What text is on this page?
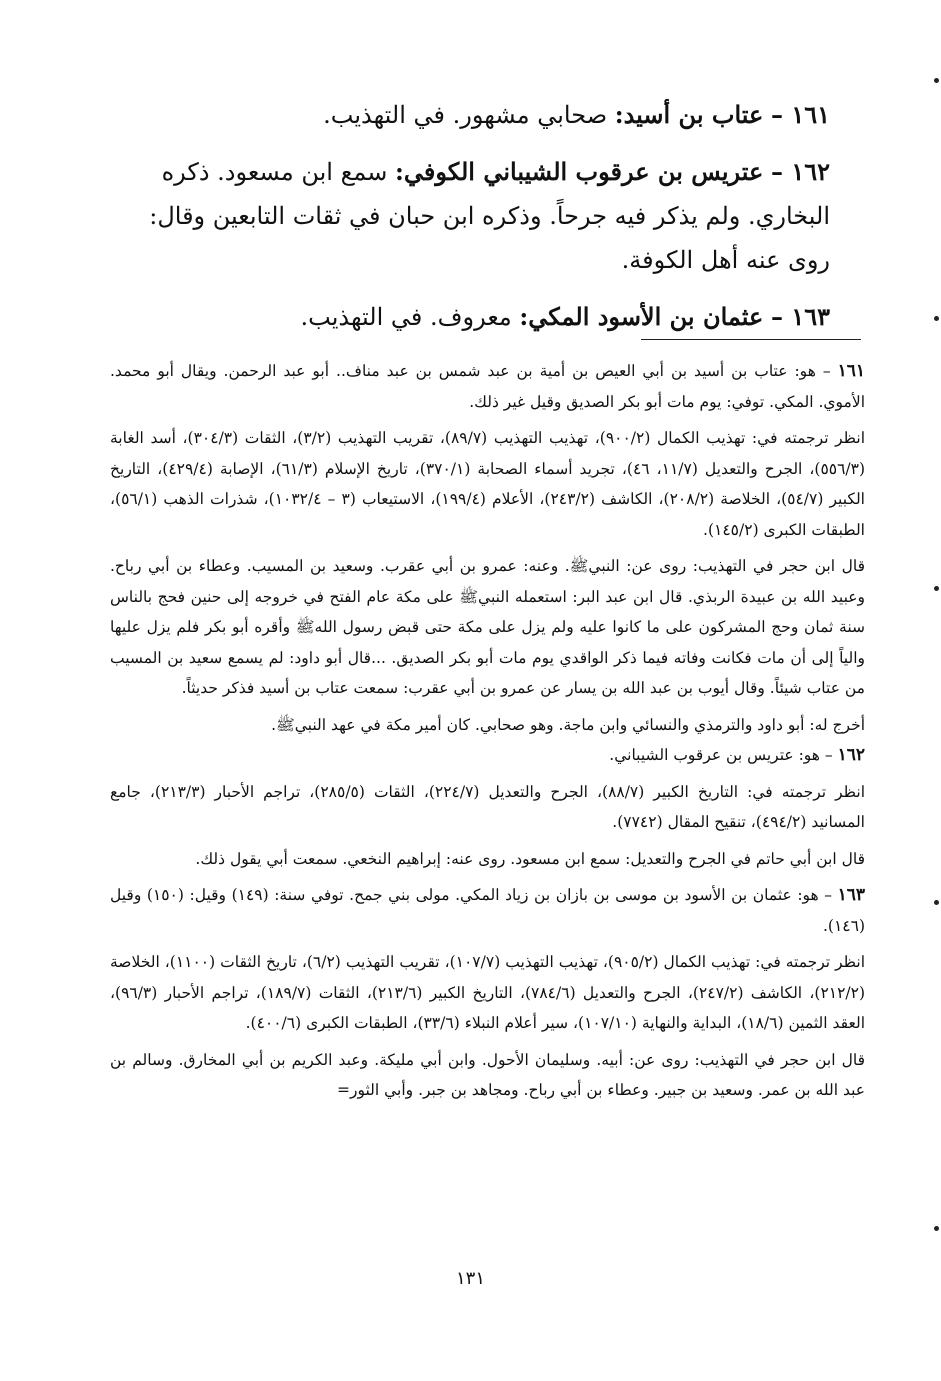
١٦١ – عتاب بن أسيد: صحابي مشهور. في التهذيب.

١٦٢ – عتريس بن عرقوب الشيباني الكوفي: سمع ابن مسعود. ذكره البخاري. ولم يذكر فيه جرحاً. وذكره ابن حبان في ثقات التابعين وقال: روى عنه أهل الكوفة.

١٦٣ – عثمان بن الأسود المكي: معروف. في التهذيب.

١٦١ – هو: عتاب بن أسيد بن أبي العيص بن أمية بن عبد شمس بن عبد مناف.. أبو عبد الرحمن. ويقال أبو محمد. الأموي. المكي. توفي: يوم مات أبو بكر الصديق وقيل غير ذلك.

انظر ترجمته في: تهذيب الكمال (٩٠٠/٢)، تهذيب التهذيب (٨٩/٧)، تقريب التهذيب (٣/٢)، الثقات (٣٠٤/٣)، أسد الغابة (٥٥٦/٣)، الجرح والتعديل (١١/٧، ٤٦)، تجريد أسماء الصحابة (٣٧٠/١)، تاريخ الإسلام (٦١/٣)، الإصابة (٤٢٩/٤)، التاريخ الكبير (٥٤/٧)، الخلاصة (٢٠٨/٢)، الكاشف (٢٤٣/٢)، الأعلام (١٩٩/٤)، الاستيعاب (٣ – ١٠٣٢/٤)، شذرات الذهب (٥٦/١)، الطبقات الكبرى (١٤٥/٢).

قال ابن حجر في التهذيب: روى عن: النبيﷺ. وعنه: عمرو بن أبي عقرب. وسعيد بن المسيب. وعطاء بن أبي رباح. وعبيد الله بن عبيدة الربذي. قال ابن عبد البر: استعمله النبيﷺ على مكة عام الفتح في خروجه إلى حنين فحج بالناس سنة ثمان وحج المشركون على ما كانوا عليه ولم يزل على مكة حتى قبض رسول اللهﷺ وأقره أبو بكر فلم يزل عليها والياً إلى أن مات فكانت وفاته فيما ذكر الواقدي يوم مات أبو بكر الصديق. ...قال أبو داود: لم يسمع سعيد بن المسيب من عتاب شيئاً. وقال أيوب بن عبد الله بن يسار عن عمرو بن أبي عقرب: سمعت عتاب بن أسيد فذكر حديثاً.

أخرج له: أبو داود والترمذي والنسائي وابن ماجة. وهو صحابي. كان أمير مكة في عهد النبيﷺ.

١٦٢ – هو: عتريس بن عرقوب الشيباني.

انظر ترجمته في: التاريخ الكبير (٨٨/٧)، الجرح والتعديل (٢٢٤/٧)، الثقات (٢٨٥/٥)، تراجم الأحبار (٢١٣/٣)، جامع المسانيد (٤٩٤/٢)، تنقيح المقال (٧٧٤٢).

قال ابن أبي حاتم في الجرح والتعديل: سمع ابن مسعود. روى عنه: إبراهيم النخعي. سمعت أبي يقول ذلك.

١٦٣ – هو: عثمان بن الأسود بن موسى بن بازان بن زياد المكي. مولى بني جمح. توفي سنة: (١٤٩) وقيل: (١٥٠) وقيل (١٤٦).

انظر ترجمته في: تهذيب الكمال (٩٠٥/٢)، تهذيب التهذيب (١٠٧/٧)، تقريب التهذيب (٦/٢)، تاريخ الثقات (١١٠٠)، الخلاصة (٢١٢/٢)، الكاشف (٢٤٧/٢)، الجرح والتعديل (٧٨٤/٦)، التاريخ الكبير (٢١٣/٦)، الثقات (١٨٩/٧)، تراجم الأحبار (٩٦/٣)، العقد الثمين (١٨/٦)، البداية والنهاية (١٠٧/١٠)، سير أعلام النبلاء (٣٣/٦)، الطبقات الكبرى (٤٠٠/٦).

قال ابن حجر في التهذيب: روى عن: أبيه. وسليمان الأحول. وابن أبي مليكة. وعبد الكريم بن أبي المخارق. وسالم بن عبد الله بن عمر. وسعيد بن جبير. وعطاء بن أبي رباح. ومجاهد بن جبر. وأبي الثور=

١٣١
